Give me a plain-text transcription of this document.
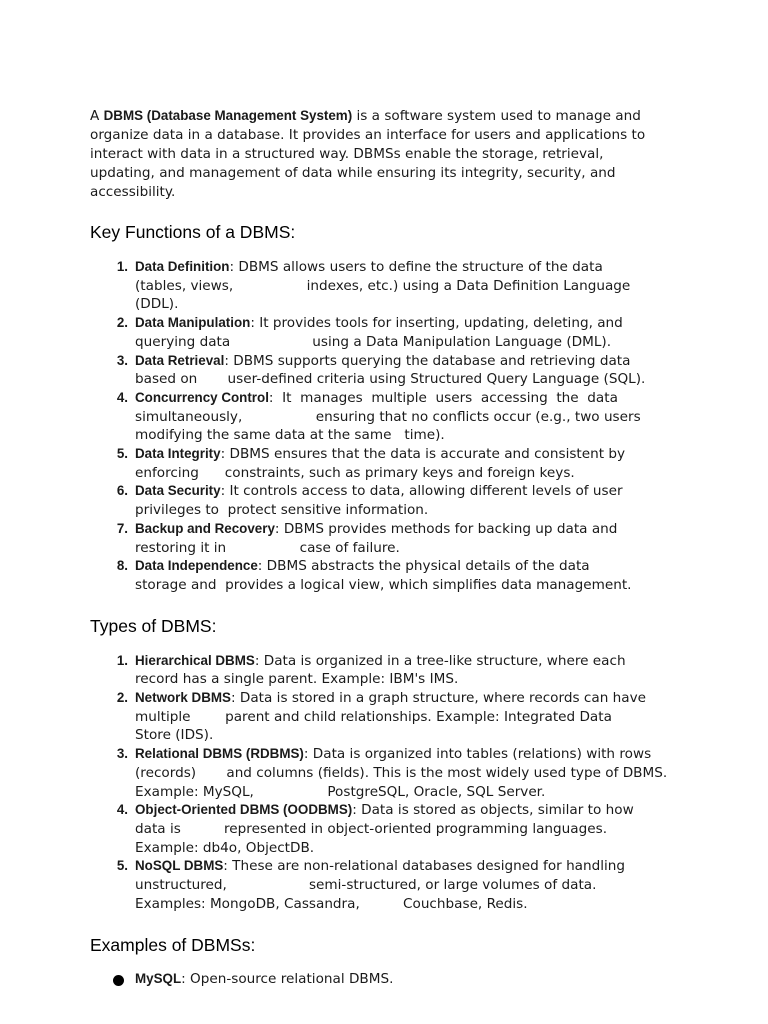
A DBMS (Database Management System) is a software system used to manage and
organize data in a database. It provides an interface for users and applications to
interact with data in a structured way. DBMSs enable the storage, retrieval,
updating, and management of data while ensuring its integrity, security, and
accessibility.

Key Functions of a DBMS:
1. Data Definition: DBMS allows users to define the structure of the data
(tables, views,                 indexes, etc.) using a Data Definition Language
(DDL).
2. Data Manipulation: It provides tools for inserting, updating, deleting, and
querying data                   using a Data Manipulation Language (DML).
3. Data Retrieval: DBMS supports querying the database and retrieving data
based on       user-defined criteria using Structured Query Language (SQL).
4. Concurrency Control:  It  manages  multiple  users  accessing  the  data
simultaneously,                 ensuring that no conflicts occur (e.g., two users
modifying the same data at the same   time).
5. Data Integrity: DBMS ensures that the data is accurate and consistent by
enforcing      constraints, such as primary keys and foreign keys.
6. Data Security: It controls access to data, allowing different levels of user
privileges to  protect sensitive information.
7. Backup and Recovery: DBMS provides methods for backing up data and
restoring it in                 case of failure.
8. Data Independence: DBMS abstracts the physical details of the data
storage and  provides a logical view, which simplifies data management.
Types of DBMS:
1. Hierarchical DBMS: Data is organized in a tree-like structure, where each
record has a single parent. Example: IBM's IMS.
2. Network DBMS: Data is stored in a graph structure, where records can have
multiple        parent and child relationships. Example: Integrated Data
Store (IDS).
3. Relational DBMS (RDBMS): Data is organized into tables (relations) with rows
(records)       and columns (fields). This is the most widely used type of DBMS.
Example: MySQL,                 PostgreSQL, Oracle, SQL Server.
4. Object-Oriented DBMS (OODBMS): Data is stored as objects, similar to how
data is          represented in object-oriented programming languages.
Example: db4o, ObjectDB.
5. NoSQL DBMS: These are non-relational databases designed for handling
unstructured,                   semi-structured, or large volumes of data.
Examples: MongoDB, Cassandra,          Couchbase, Redis.
Examples of DBMSs:
MySQL: Open-source relational DBMS.
